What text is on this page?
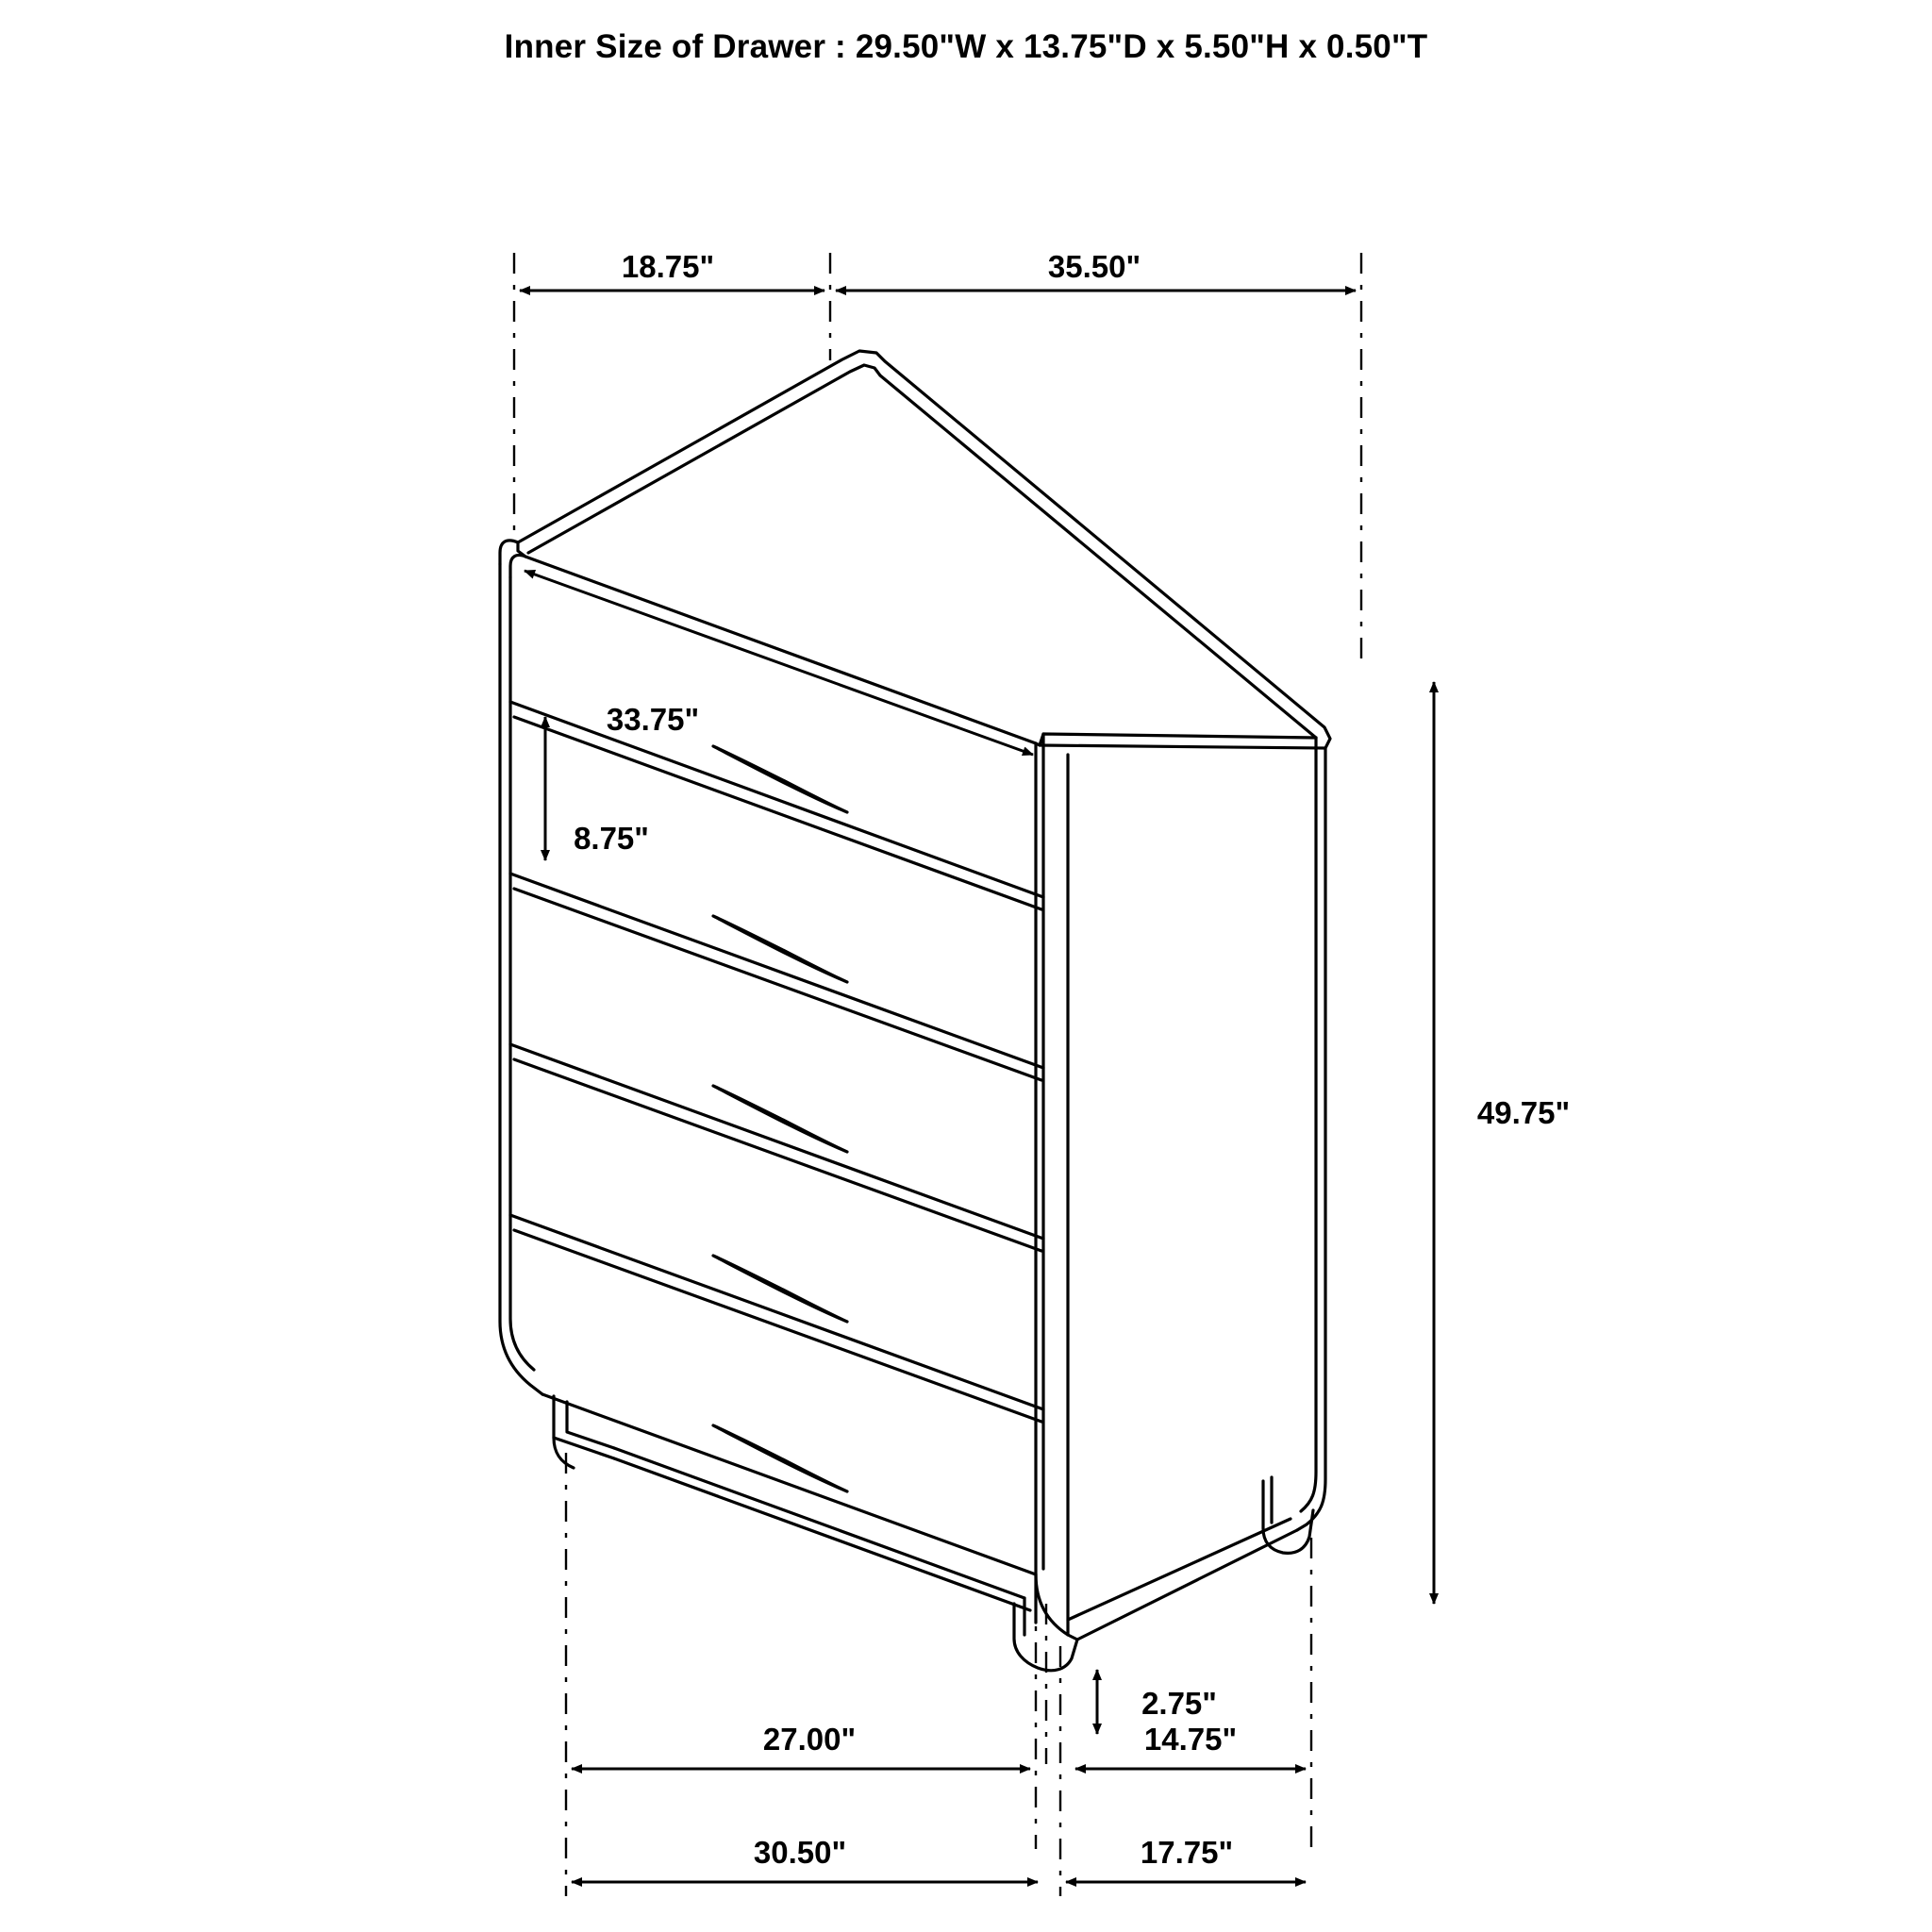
Inner Size of Drawer : 29.50"W x 13.75"D x 5.50"H x 0.50"T
18.75"	35.50"
33.75"
8.75"
49.75"
2.75"
27.00"	14.75"
30.50"	17.75"
